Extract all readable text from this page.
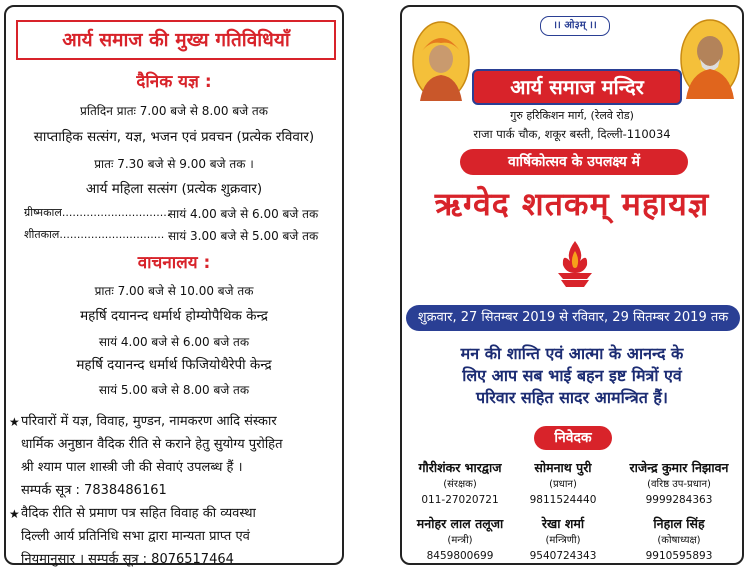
आर्य समाज की मुख्य गतिविधियाँ
दैनिक यज्ञ :
प्रतिदिन प्रातः 7.00 बजे से 8.00 बजे तक
साप्ताहिक सत्संग, यज्ञ, भजन एवं प्रवचन (प्रत्येक रविवार)
प्रातः 7.30 बजे से 9.00 बजे तक ।
आर्य महिला सत्संग (प्रत्येक शुक्रवार)
ग्रीष्मकाल...............................
सायं 4.00 बजे से 6.00 बजे तक
शीतकाल.............................. सायं 3.00 बजे से 5.00 बजे तक
वाचनालय :
प्रातः 7.00 बजे से 10.00 बजे तक
महर्षि दयानन्द धर्मार्थ होम्योपैथिक केन्द्र
सायं 4.00 बजे से 6.00 बजे तक
महर्षि दयानन्द धर्मार्थ फिजियोथैरेपी केन्द्र
सायं 5.00 बजे से 8.00 बजे तक
★ परिवारों में यज्ञ, विवाह, मुण्डन, नामकरण आदि संस्कार
धार्मिक अनुष्ठान वैदिक रीति से कराने हेतु सुयोग्य पुरोहित
श्री श्याम पाल शास्त्री जी की सेवाएं उपलब्ध हैं ।
सम्पर्क सूत्र : 7838486161
★ वैदिक रीति से प्रमाण पत्र सहित विवाह की व्यवस्था
दिल्ली आर्य प्रतिनिधि सभा द्वारा मान्यता प्राप्त एवं
नियमानुसार । सम्पर्क सूत्र : 8076517464
।। ओ३म् ।।
आर्य समाज मन्दिर
गुरु हरिकिशन मार्ग, (रेलवे रोड)
राजा पार्क चौक, शकूर बस्ती, दिल्ली-110034
वार्षिकोत्सव के उपलक्ष्य में
ऋग्वेद शतकम् महायज्ञ
शुक्रवार, 27 सितम्बर 2019 से रविवार, 29 सितम्बर 2019 तक
मन की शान्ति एवं आत्मा के आनन्द के
लिए आप सब भाई बहन इष्ट मित्रों एवं
परिवार सहित सादर आमन्त्रित हैं।
निवेदक
गौरीशंकर भारद्वाज
(संरक्षक)
011-27020721
सोमनाथ पुरी
(प्रधान)
9811524440
राजेन्द्र कुमार निझावन
(वरिष्ठ उप-प्रधान)
9999284363
मनोहर लाल तलूजा
(मन्त्री)
8459800699
रेखा शर्मा
(मन्त्रिणी)
9540724343
निहाल सिंह
(कोषाध्यक्ष)
9910595893
